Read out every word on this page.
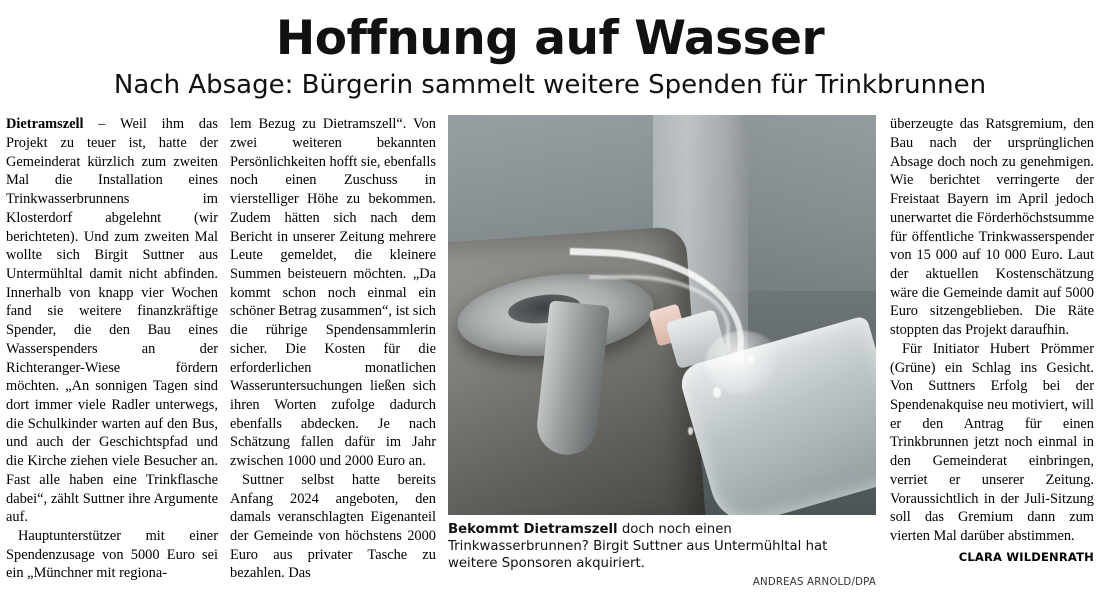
Hoffnung auf Wasser
Nach Absage: Bürgerin sammelt weitere Spenden für Trinkbrunnen

Dietramszell – Weil ihm das Projekt zu teuer ist, hatte der Gemeinderat kürzlich zum zweiten Mal die Installation eines Trinkwasserbrunnens im Klosterdorf abgelehnt (wir berichteten). Und zum zweiten Mal wollte sich Birgit Suttner aus Untermühltal damit nicht abfinden. Innerhalb von knapp vier Wochen fand sie weitere finanzkräftige Spender, die den Bau eines Wasserspenders an der Richteranger-Wiese fördern möchten. „An sonnigen Tagen sind dort immer viele Radler unterwegs, die Schulkinder warten auf den Bus, und auch der Geschichtspfad und die Kirche ziehen viele Besucher an. Fast alle haben eine Trinkflasche dabei“, zählt Suttner ihre Argumente auf.

Hauptunterstützer mit einer Spendenzusage von 5000 Euro sei ein „Münchner mit regiona-

lem Bezug zu Dietramszell“. Von zwei weiteren bekannten Persönlichkeiten hofft sie, ebenfalls noch einen Zuschuss in vierstelliger Höhe zu bekommen. Zudem hätten sich nach dem Bericht in unserer Zeitung mehrere Leute gemeldet, die kleinere Summen beisteuern möchten. „Da kommt schon noch einmal ein schöner Betrag zusammen“, ist sich die rührige Spendensammlerin sicher. Die Kosten für die erforderlichen monatlichen Wasseruntersuchungen ließen sich ihren Worten zufolge dadurch ebenfalls abdecken. Je nach Schätzung fallen dafür im Jahr zwischen 1000 und 2000 Euro an.

Suttner selbst hatte bereits Anfang 2024 angeboten, den damals veranschlagten Eigenanteil der Gemeinde von höchstens 2000 Euro aus privater Tasche zu bezahlen. Das

Bekommt Dietramszell doch noch einen Trinkwasserbrunnen? Birgit Suttner aus Untermühltal hat weitere Sponsoren akquiriert.
ANDREAS ARNOLD/DPA

überzeugte das Ratsgremium, den Bau nach der ursprünglichen Absage doch noch zu genehmigen. Wie berichtet verringerte der Freistaat Bayern im April jedoch unerwartet die Förderhöchstsumme für öffentliche Trinkwasserspender von 15 000 auf 10 000 Euro. Laut der aktuellen Kostenschätzung wäre die Gemeinde damit auf 5000 Euro sitzengeblieben. Die Räte stoppten das Projekt daraufhin.

Für Initiator Hubert Prömmer (Grüne) ein Schlag ins Gesicht. Von Suttners Erfolg bei der Spendenakquise neu motiviert, will er den Antrag für einen Trinkbrunnen jetzt noch einmal in den Gemeinderat einbringen, verriet er unserer Zeitung. Voraussichtlich in der Juli-Sitzung soll das Gremium dann zum vierten Mal darüber abstimmen.

CLARA WILDENRATH
